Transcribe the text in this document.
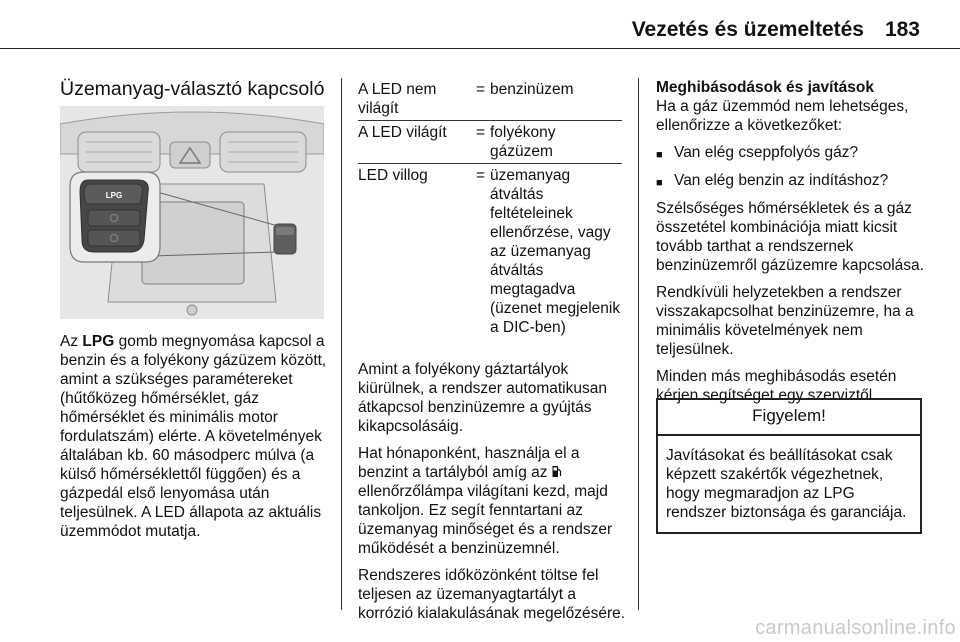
Vezetés és üzemeltetés 183
Üzemanyag-választó kapcsoló
LPG

Az LPG gomb megnyomása kapcsol a benzin és a folyékony gázüzem között, amint a szükséges paramétereket (hűtőközeg hőmérséklet, gáz hőmérséklet és minimális motor fordulatszám) elérte. A követelmények általában kb. 60 másodperc múlva (a külső hőmérséklettől függően) és a gázpedál első lenyomása után teljesülnek. A LED állapota az aktuális üzemmódot mutatja.

A LED nem világít
= benzinüzem
A LED világít	= folyékony gázüzem
LED villog	= üzemanyag átváltás feltételeinek ellenőrzése, vagy az üzemanyag átváltás megtagadva (üzenet megjelenik a DIC-ben)

Amint a folyékony gáztartályok kiürülnek, a rendszer automatikusan átkapcsol benzinüzemre a gyújtás kikapcsolásáig.

Hat hónaponként, használja el a benzint a tartályból amíg az  ellenőrzőlámpa világítani kezd, majd tankoljon. Ez segít fenntartani az üzemanyag minőséget és a rendszer működését a benzinüzemnél.

Rendszeres időközönként töltse fel teljesen az üzemanyagtartályt a korrózió kialakulásának megelőzésére.

Meghibásodások és javítások

Ha a gáz üzemmód nem lehetséges, ellenőrizze a következőket:

■ Van elég cseppfolyós gáz?
■ Van elég benzin az indításhoz?

Szélsőséges hőmérsékletek és a gáz összetétel kombinációja miatt kicsit tovább tarthat a rendszernek benzinüzemről gázüzemre kapcsolása.

Rendkívüli helyzetekben a rendszer visszakapcsolhat benzinüzemre, ha a minimális követelmények nem teljesülnek.

Minden más meghibásodás esetén kérjen segítséget egy szerviztől.

Figyelem!
Javításokat és beállításokat csak képzett szakértők végezhetnek, hogy megmaradjon az LPG rendszer biztonsága és garanciája.
carmanualsonline.info
